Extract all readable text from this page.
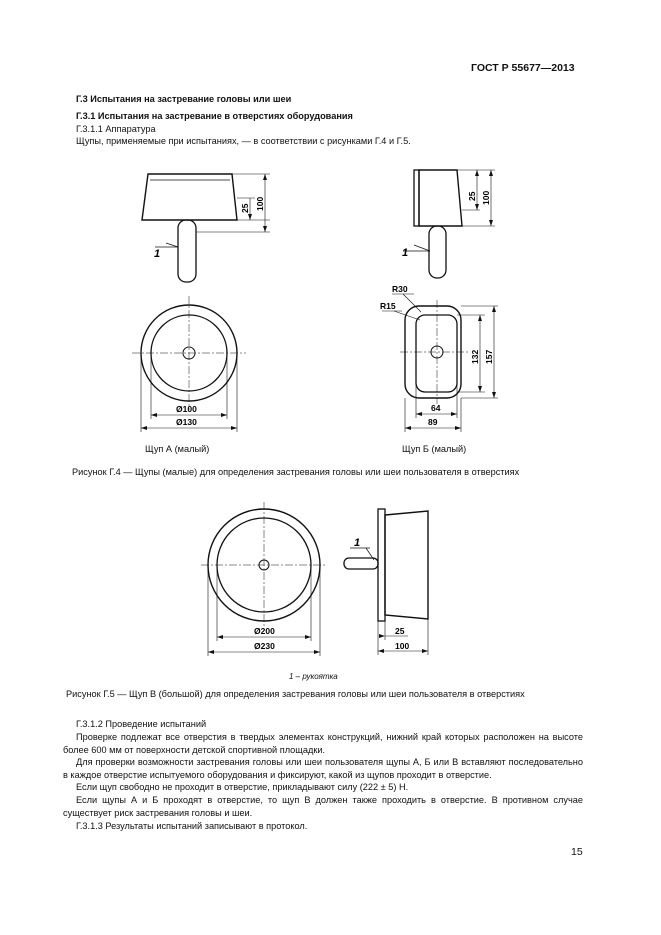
ГОСТ Р 55677—2013
Г.3 Испытания на застревание головы или шеи
Г.3.1 Испытания на застревание в отверстиях оборудования
Г.3.1.1 Аппаратура
Щупы, применяемые при испытаниях, — в соответствии с рисунками Г.4 и Г.5.
100
25
Ø100
Ø130
100
25
R30
R15
132 157
64
89
1	1
Ø200
Ø230
25
100
1
Щуп А (малый)	Щуп Б (малый)
Рисунок Г.4 — Щупы (малые) для определения застревания головы или шеи пользователя в отверстиях
1 – рукоятка
Рисунок Г.5 — Щуп В (большой) для определения застревания головы или шеи пользователя в отверстиях
Г.3.1.2 Проведение испытаний
Проверке подлежат все отверстия в твердых элементах конструкций, нижний край которых расположен на высоте более 600 мм от поверхности детской спортивной площадки.
Для проверки возможности застревания головы или шеи пользователя щупы А, Б или В вставляют последовательно в каждое отверстие испытуемого оборудования и фиксируют, какой из щупов проходит в отверстие.
Если щуп свободно не проходит в отверстие, прикладывают силу (222 ± 5) Н.
Если щупы А и Б проходят в отверстие, то щуп В должен также проходить в отверстие. В противном случае существует риск застревания головы и шеи.
Г.3.1.3 Результаты испытаний записывают в протокол.
15
